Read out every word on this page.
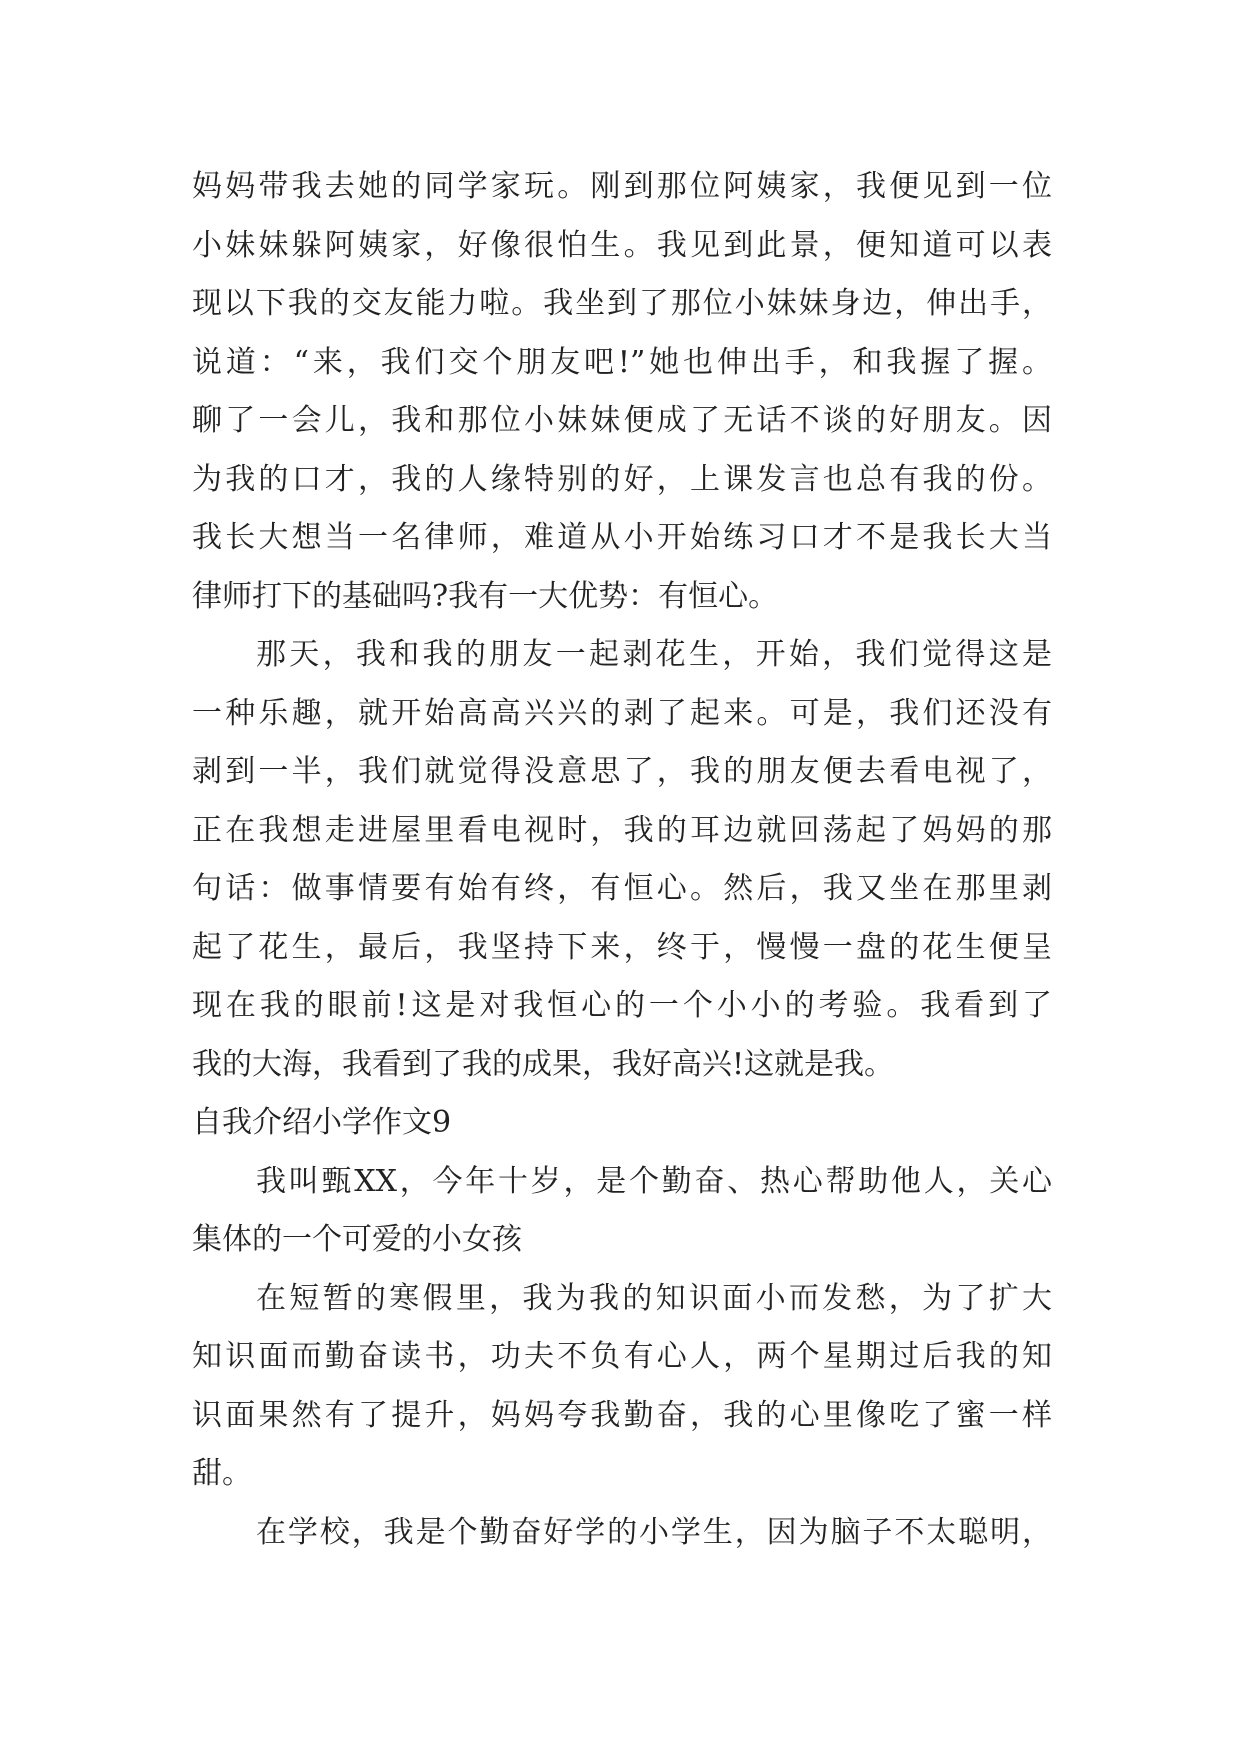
妈妈带我去她的同学家玩。刚到那位阿姨家，我便见到一位
小妹妹躲阿姨家，好像很怕生。我见到此景，便知道可以表
现以下我的交友能力啦。我坐到了那位小妹妹身边，伸出手，
说道：“来，我们交个朋友吧!”她也伸出手，和我握了握。
聊了一会儿，我和那位小妹妹便成了无话不谈的好朋友。因
为我的口才，我的人缘特别的好，上课发言也总有我的份。
我长大想当一名律师，难道从小开始练习口才不是我长大当
律师打下的基础吗?我有一大优势：有恒心。
那天，我和我的朋友一起剥花生，开始，我们觉得这是
一种乐趣，就开始高高兴兴的剥了起来。可是，我们还没有
剥到一半，我们就觉得没意思了，我的朋友便去看电视了，
正在我想走进屋里看电视时，我的耳边就回荡起了妈妈的那
句话：做事情要有始有终，有恒心。然后，我又坐在那里剥
起了花生，最后，我坚持下来，终于，慢慢一盘的花生便呈
现在我的眼前!这是对我恒心的一个小小的考验。我看到了
我的大海，我看到了我的成果，我好高兴!这就是我。
自我介绍小学作文9
我叫甄XX，今年十岁，是个勤奋、热心帮助他人，关心
集体的一个可爱的小女孩
在短暂的寒假里，我为我的知识面小而发愁，为了扩大
知识面而勤奋读书，功夫不负有心人，两个星期过后我的知
识面果然有了提升，妈妈夸我勤奋，我的心里像吃了蜜一样
甜。
在学校，我是个勤奋好学的小学生，因为脑子不太聪明，
